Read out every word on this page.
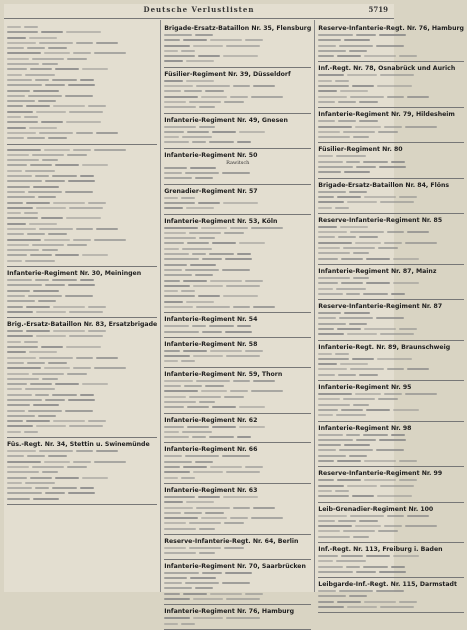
Deutsche Verlustlisten	5719
Infanterie-Regiment Nr. 30, Meiningen
Brig.-Ersatz-Bataillon Nr. 83, Ersatzbrigade
Füs.-Regt. Nr. 34, Stettin u. Swinemünde
Brigade-Ersatz-Bataillon Nr. 35, Flensburg
Füsilier-Regiment Nr. 39, Düsseldorf
Infanterie-Regiment Nr. 49, Gnesen
Infanterie-Regiment Nr. 50
Rawitsch
Grenadier-Regiment Nr. 57
Infanterie-Regiment Nr. 53, Köln
Infanterie-Regiment Nr. 54
Infanterie-Regiment Nr. 58
Infanterie-Regiment Nr. 59, Thorn
Infanterie-Regiment Nr. 62
Infanterie-Regiment Nr. 66
Infanterie-Regiment Nr. 63
Reserve-Infanterie-Regt. Nr. 64, Berlin
Infanterie-Regiment Nr. 70, Saarbrücken
Infanterie-Regiment Nr. 76, Hamburg
Reserve-Infanterie-Regt. Nr. 76, Hamburg
Inf.-Regt. Nr. 78, Osnabrück und Aurich
Infanterie-Regiment Nr. 79, Hildesheim
Füsilier-Regiment Nr. 80
Brigade-Ersatz-Bataillon Nr. 84, Flöns
Reserve-Infanterie-Regiment Nr. 85
Infanterie-Regiment Nr. 87, Mainz
Reserve-Infanterie-Regiment Nr. 87
Infanterie-Regt. Nr. 89, Braunschweig
Infanterie-Regiment Nr. 95
Infanterie-Regiment Nr. 98
Reserve-Infanterie-Regiment Nr. 99
Leib-Grenadier-Regiment Nr. 100
Inf.-Regt. Nr. 113, Freiburg i. Baden
Leibgarde-Inf.-Regt. Nr. 115, Darmstadt
